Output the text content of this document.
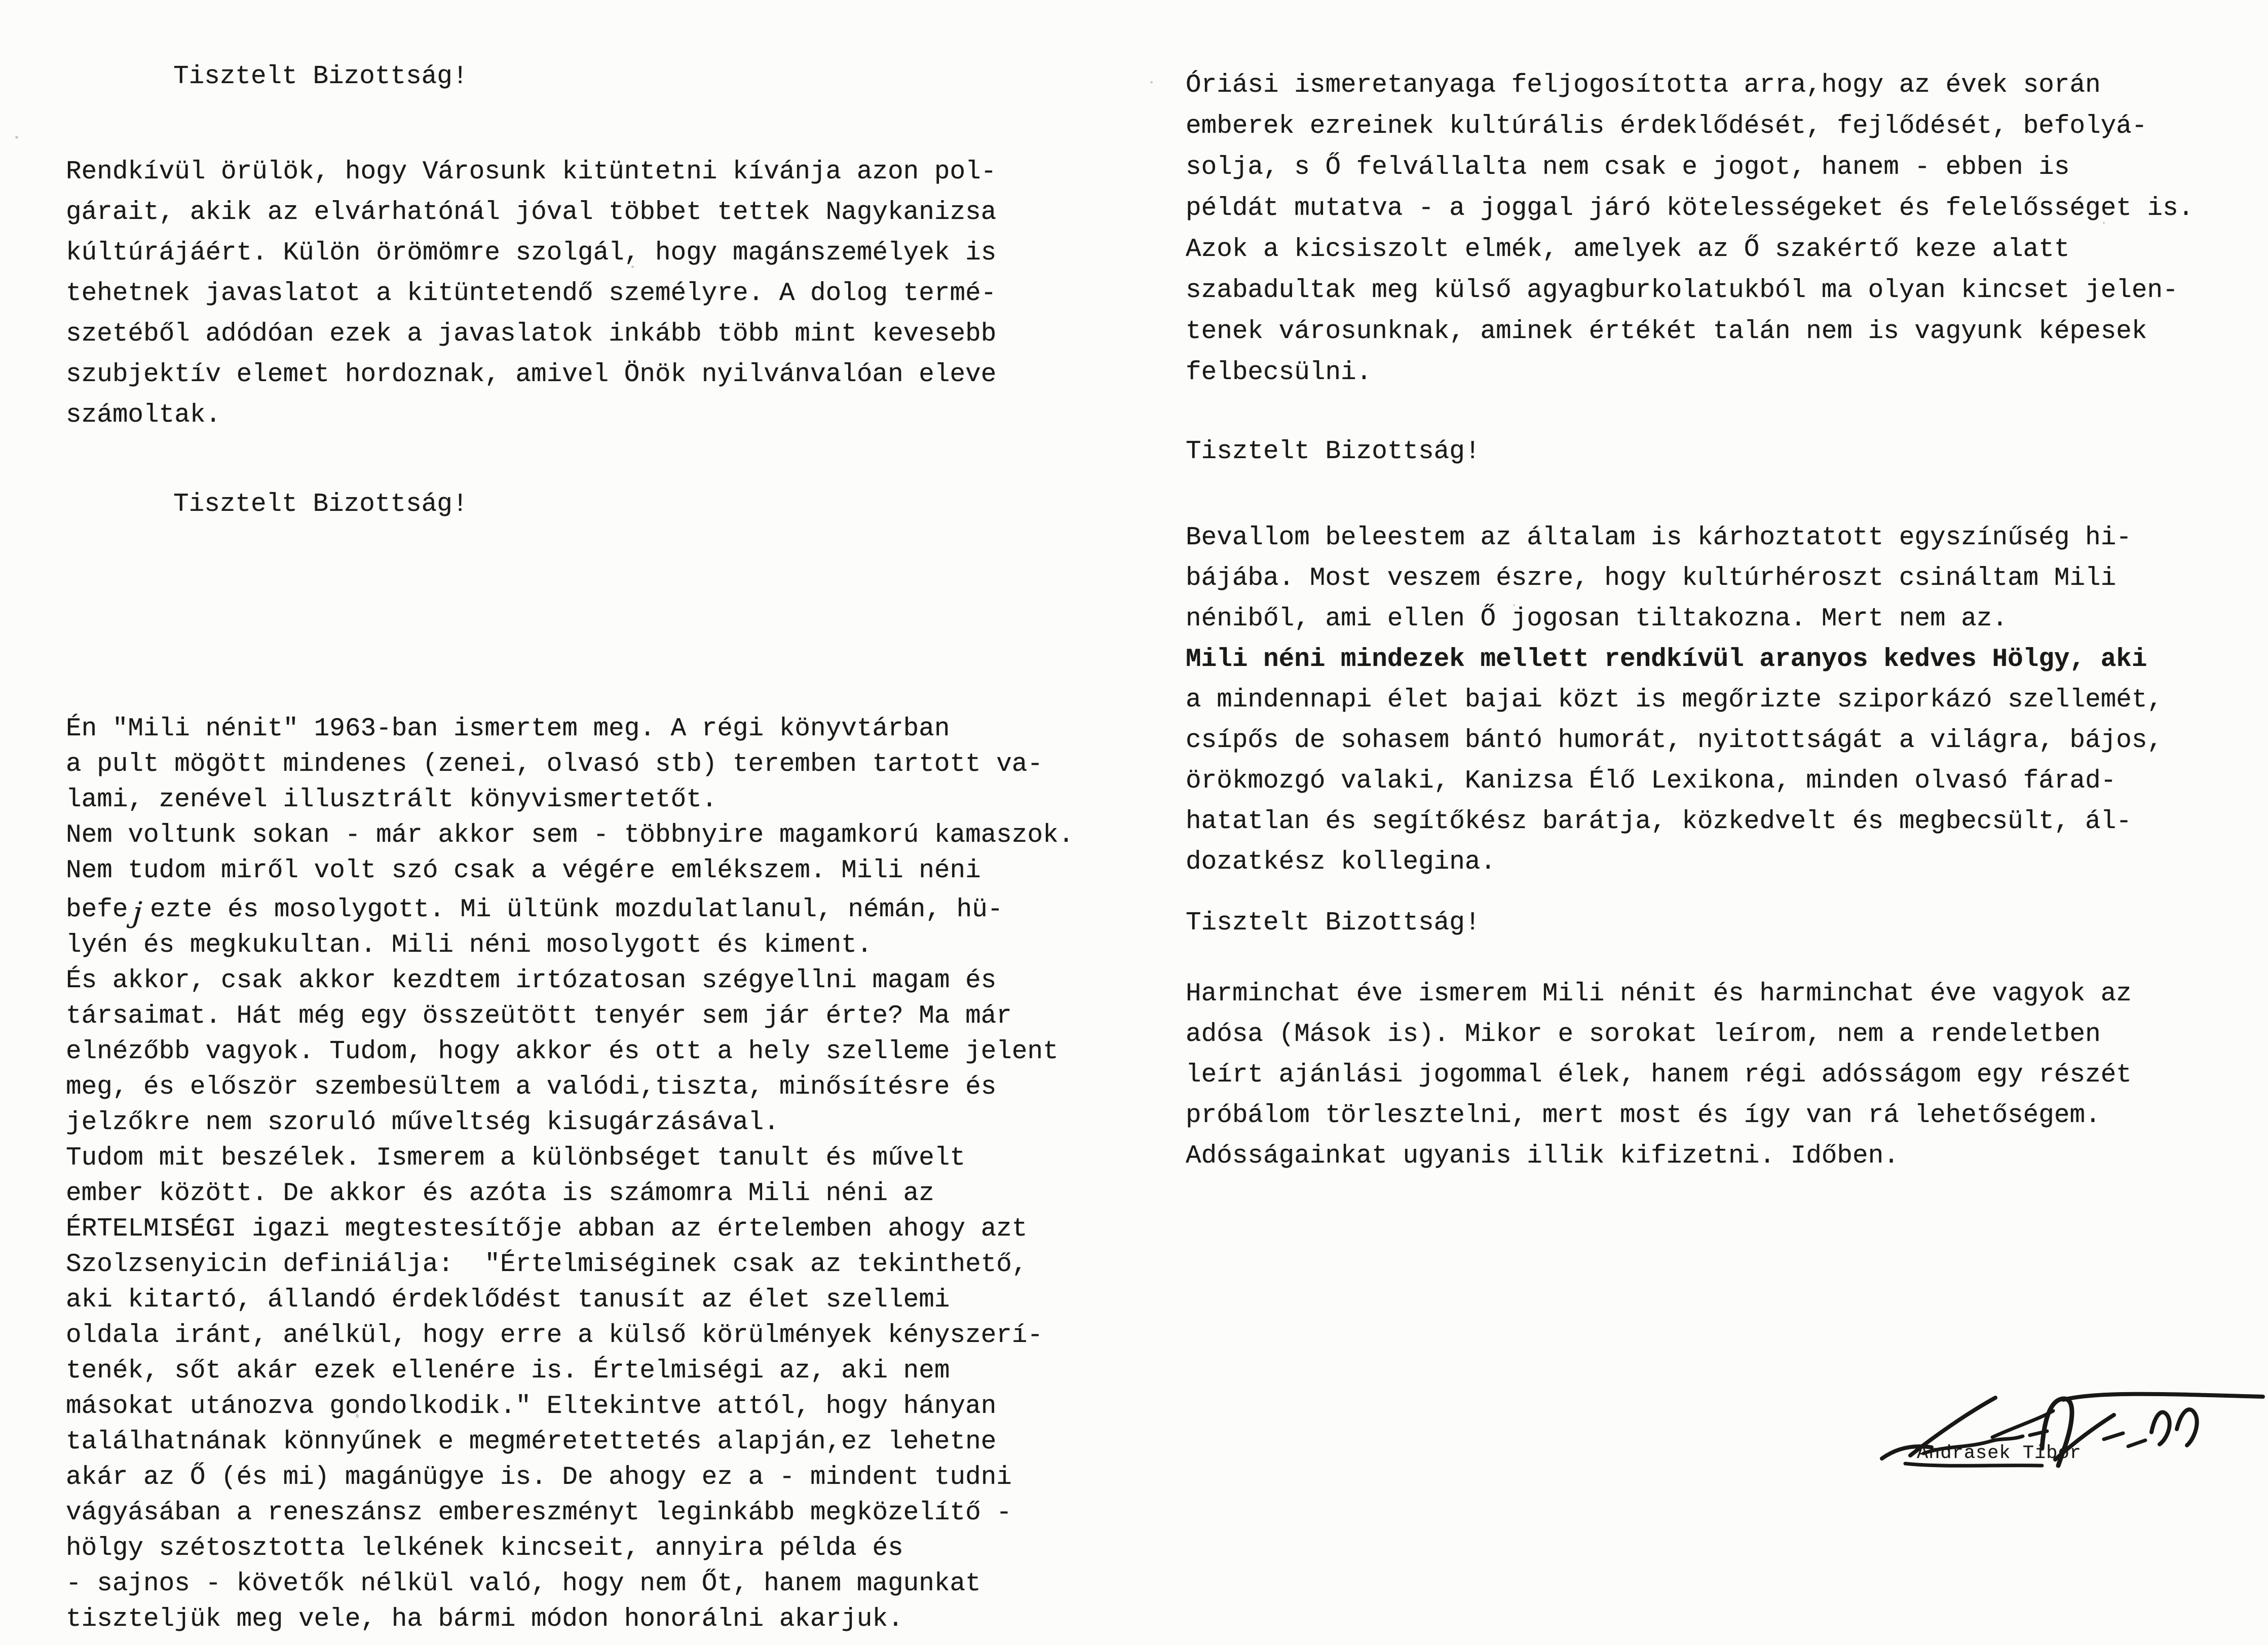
Tisztelt Bizottság!
Rendkívül örülök, hogy Városunk kitüntetni kívánja azon pol-
gárait, akik az elvárhatónál jóval többet tettek Nagykanizsa
kúltúrájáért. Külön örömömre szolgál, hogy magánszemélyek is
tehetnek javaslatot a kitüntetendő személyre. A dolog termé-
szetéből adódóan ezek a javaslatok inkább több mint kevesebb
szubjektív elemet hordoznak, amivel Önök nyilvánvalóan eleve
számoltak.
Tisztelt Bizottság!
Én "Mili nénit" 1963-ban ismertem meg. A régi könyvtárban
a pult mögött mindenes (zenei, olvasó stb) teremben tartott va-
lami, zenével illusztrált könyvismertetőt.
Nem voltunk sokan - már akkor sem - többnyire magamkorú kamaszok.
Nem tudom miről volt szó csak a végére emlékszem. Mili néni
befe j ezte és mosolygott. Mi ültünk mozdulatlanul, némán, hü-
lyén és megkukultan. Mili néni mosolygott és kiment.
És akkor, csak akkor kezdtem irtózatosan szégyellni magam és
társaimat. Hát még egy összeütött tenyér sem jár érte? Ma már
elnézőbb vagyok. Tudom, hogy akkor és ott a hely szelleme jelent
meg, és először szembesültem a valódi,tiszta, minősítésre és
jelzőkre nem szoruló műveltség kisugárzásával.
Tudom mit beszélek. Ismerem a különbséget tanult és művelt
ember között. De akkor és azóta is számomra Mili néni az
ÉRTELMISÉGI igazi megtestesítője abban az értelemben ahogy azt
Szolzsenyicin definiálja:  "Értelmiséginek csak az tekinthető,
aki kitartó, állandó érdeklődést tanusít az élet szellemi
oldala iránt, anélkül, hogy erre a külső körülmények kényszerí-
tenék, sőt akár ezek ellenére is. Értelmiségi az, aki nem
másokat utánozva gondolkodik." Eltekintve attól, hogy hányan
találhatnának könnyűnek e megméretettetés alapján,ez lehetne
akár az Ő (és mi) magánügye is. De ahogy ez a - mindent tudni
vágyásában a reneszánsz embereszményt leginkább megközelítő -
hölgy szétosztotta lelkének kincseit, annyira példa és
- sajnos - követők nélkül való, hogy nem Őt, hanem magunkat
tiszteljük meg vele, ha bármi módon honorálni akarjuk.
Óriási ismeretanyaga feljogosította arra,hogy az évek során
emberek ezreinek kultúrális érdeklődését, fejlődését, befolyá-
solja, s Ő felvállalta nem csak e jogot, hanem - ebben is
példát mutatva - a joggal járó kötelességeket és felelősséget is.
Azok a kicsiszolt elmék, amelyek az Ő szakértő keze alatt
szabadultak meg külső agyagburkolatukból ma olyan kincset jelen-
tenek városunknak, aminek értékét talán nem is vagyunk képesek
felbecsülni.
Tisztelt Bizottság!
Bevallom beleestem az általam is kárhoztatott egyszínűség hi-
bájába. Most veszem észre, hogy kultúrhéroszt csináltam Mili
néniből, ami ellen Ő jogosan tiltakozna. Mert nem az.
Mili néni mindezek mellett rendkívül aranyos kedves Hölgy, aki
a mindennapi élet bajai közt is megőrizte sziporkázó szellemét,
csípős de sohasem bántó humorát, nyitottságát a világra, bájos,
örökmozgó valaki, Kanizsa Élő Lexikona, minden olvasó fárad-
hatatlan és segítőkész barátja, közkedvelt és megbecsült, ál-
dozatkész kollegina.
Tisztelt Bizottság!
Harminchat éve ismerem Mili nénit és harminchat éve vagyok az
adósa (Mások is). Mikor e sorokat leírom, nem a rendeletben
leírt ajánlási jogommal élek, hanem régi adósságom egy részét
próbálom törlesztelni, mert most és így van rá lehetőségem.
Adósságainkat ugyanis illik kifizetni. Időben.
Andrasek Tibor
